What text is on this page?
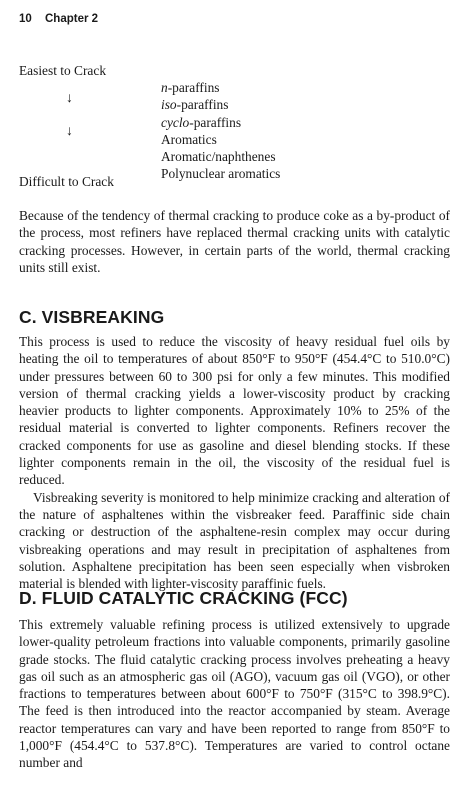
10 Chapter 2
Easiest to Crack
↓
↓
n-paraffins
iso-paraffins
cyclo-paraffins
Aromatics
Aromatic/naphthenes
Polynuclear aromatics
Difficult to Crack

Because of the tendency of thermal cracking to produce coke as a by-product of the process, most refiners have replaced thermal cracking units with catalytic cracking processes. However, in certain parts of the world, thermal cracking units still exist.

C. VISBREAKING

This process is used to reduce the viscosity of heavy residual fuel oils by heating the oil to temperatures of about 850°F to 950°F (454.4°C to 510.0°C) under pressures between 60 to 300 psi for only a few minutes. This modified version of thermal cracking yields a lower-viscosity product by cracking heavier products to lighter components. Approximately 10% to 25% of the residual material is converted to lighter components. Refiners recover the cracked components for use as gasoline and diesel blending stocks. If these lighter components remain in the oil, the viscosity of the residual fuel is reduced.

Visbreaking severity is monitored to help minimize cracking and alteration of the nature of asphaltenes within the visbreaker feed. Paraffinic side chain cracking or destruction of the asphaltene-resin complex may occur during visbreaking operations and may result in precipitation of asphaltenes from solution. Asphaltene precipitation has been seen especially when visbroken material is blended with lighter-viscosity paraffinic fuels.

D. FLUID CATALYTIC CRACKING (FCC)

This extremely valuable refining process is utilized extensively to upgrade lower-quality petroleum fractions into valuable components, primarily gasoline grade stocks. The fluid catalytic cracking process involves preheating a heavy gas oil such as an atmospheric gas oil (AGO), vacuum gas oil (VGO), or other fractions to temperatures between about 600°F to 750°F (315°C to 398.9°C). The feed is then introduced into the reactor accompanied by steam. Average reactor temperatures can vary and have been reported to range from 850°F to 1,000°F (454.4°C to 537.8°C). Temperatures are varied to control octane number and
